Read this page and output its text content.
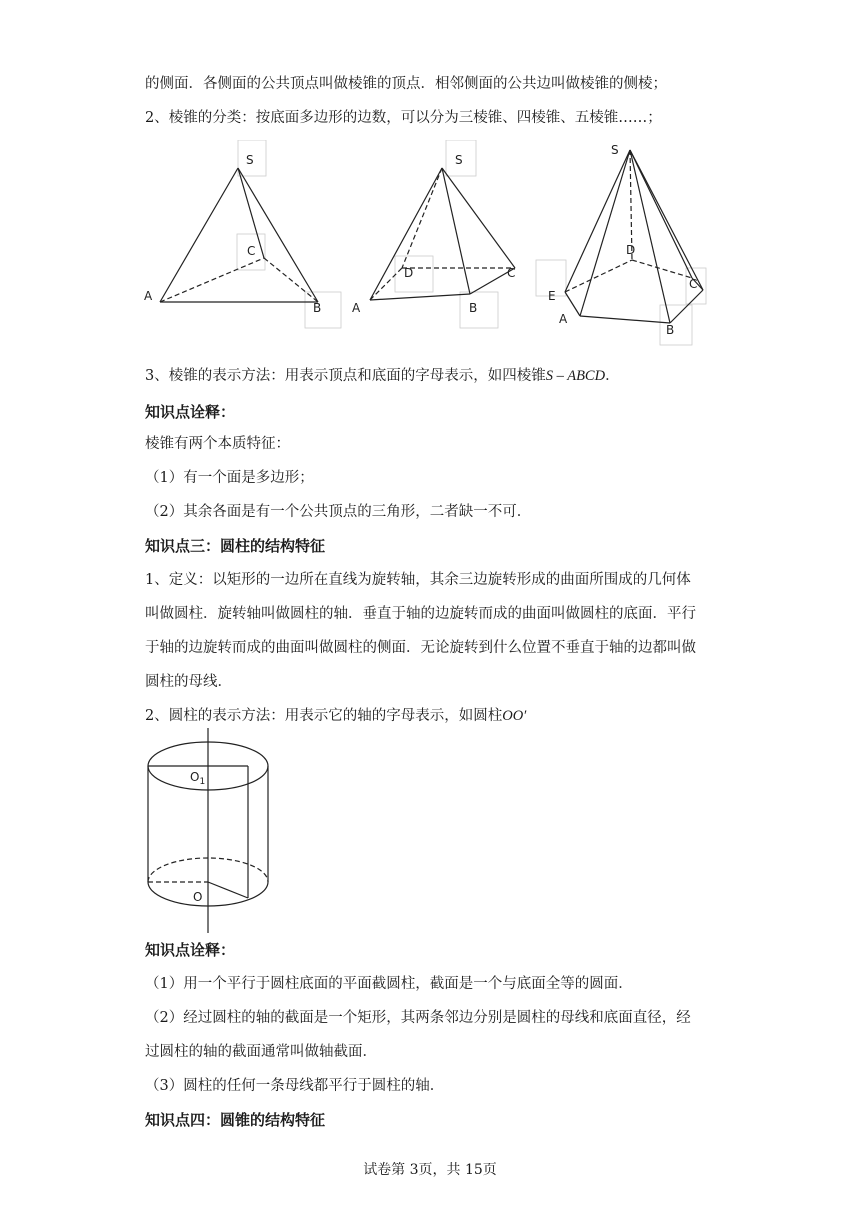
的侧面．各侧面的公共顶点叫做棱锥的顶点．相邻侧面的公共边叫做棱锥的侧棱；
2、棱锥的分类：按底面多边形的边数，可以分为三棱锥、四棱锥、五棱锥……；
S
C
A
B
S
D	C
A	B
S
D
C
E
A
B
3、棱锥的表示方法：用表示顶点和底面的字母表示，如四棱锥S – ABCD．
知识点诠释：
棱锥有两个本质特征：
（1）有一个面是多边形；
（2）其余各面是有一个公共顶点的三角形，二者缺一不可．
知识点三：圆柱的结构特征
1、定义：以矩形的一边所在直线为旋转轴，其余三边旋转形成的曲面所围成的几何体
叫做圆柱．旋转轴叫做圆柱的轴．垂直于轴的边旋转而成的曲面叫做圆柱的底面．平行
于轴的边旋转而成的曲面叫做圆柱的侧面．无论旋转到什么位置不垂直于轴的边都叫做
圆柱的母线．
2、圆柱的表示方法：用表示它的轴的字母表示，如圆柱OO′
$O_1$
O
知识点诠释：
（1）用一个平行于圆柱底面的平面截圆柱，截面是一个与底面全等的圆面．
（2）经过圆柱的轴的截面是一个矩形，其两条邻边分别是圆柱的母线和底面直径，经
过圆柱的轴的截面通常叫做轴截面．
（3）圆柱的任何一条母线都平行于圆柱的轴．
知识点四：圆锥的结构特征
试卷第 3页，共 15页
